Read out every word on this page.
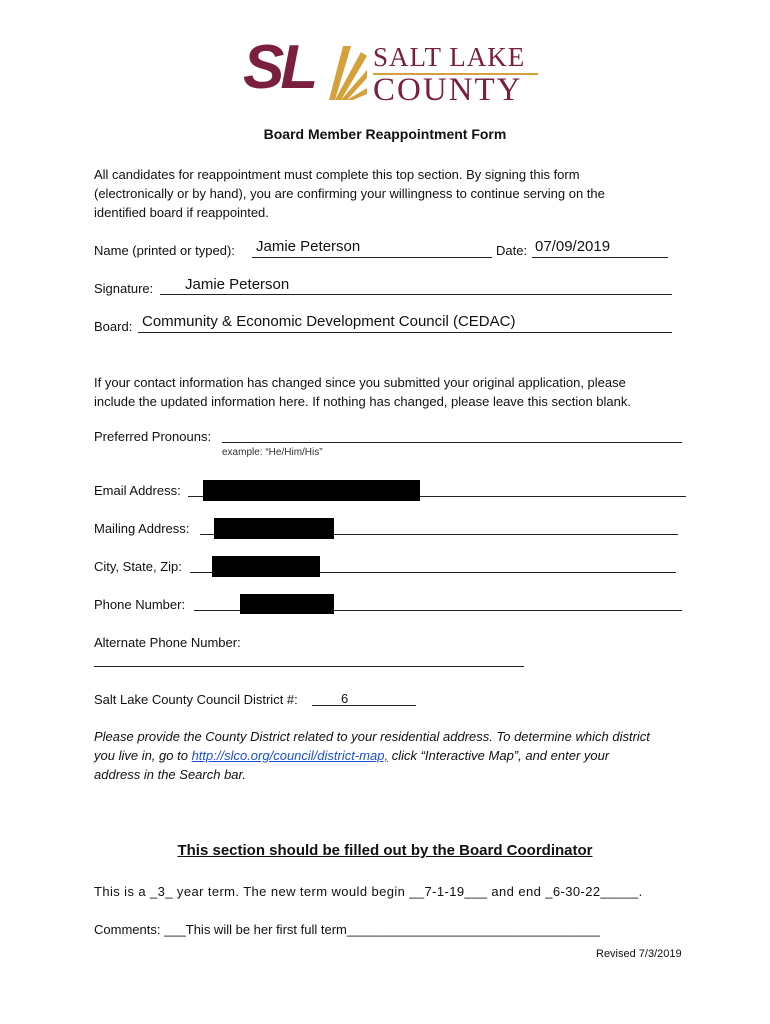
SL SALT LAKE
COUNTY
Board Member Reappointment Form
All candidates for reappointment must complete this top section. By signing this form
(electronically or by hand), you are confirming your willingness to continue serving on the
identified board if reappointed.
Name (printed or typed): Jamie Peterson	Date: 07/09/2019
Signature: Jamie Peterson
Board: Community & Economic Development Council (CEDAC)
If your contact information has changed since you submitted your original application, please
include the updated information here. If nothing has changed, please leave this section blank.
Preferred Pronouns:
example: “He/Him/His”
Email Address:
Mailing Address:
City, State, Zip:
Phone Number:
Alternate Phone Number:
Salt Lake County Council District #:	6
Please provide the County District related to your residential address. To determine which district
you live in, go to http://slco.org/council/district-map, click “Interactive Map”, and enter your
address in the Search bar.
This section should be filled out by the Board Coordinator
This is a _3_ year term. The new term would begin __7-1-19___ and end _6-30-22_____.
Comments: ___This will be her first full term___________________________________
Revised 7/3/2019
